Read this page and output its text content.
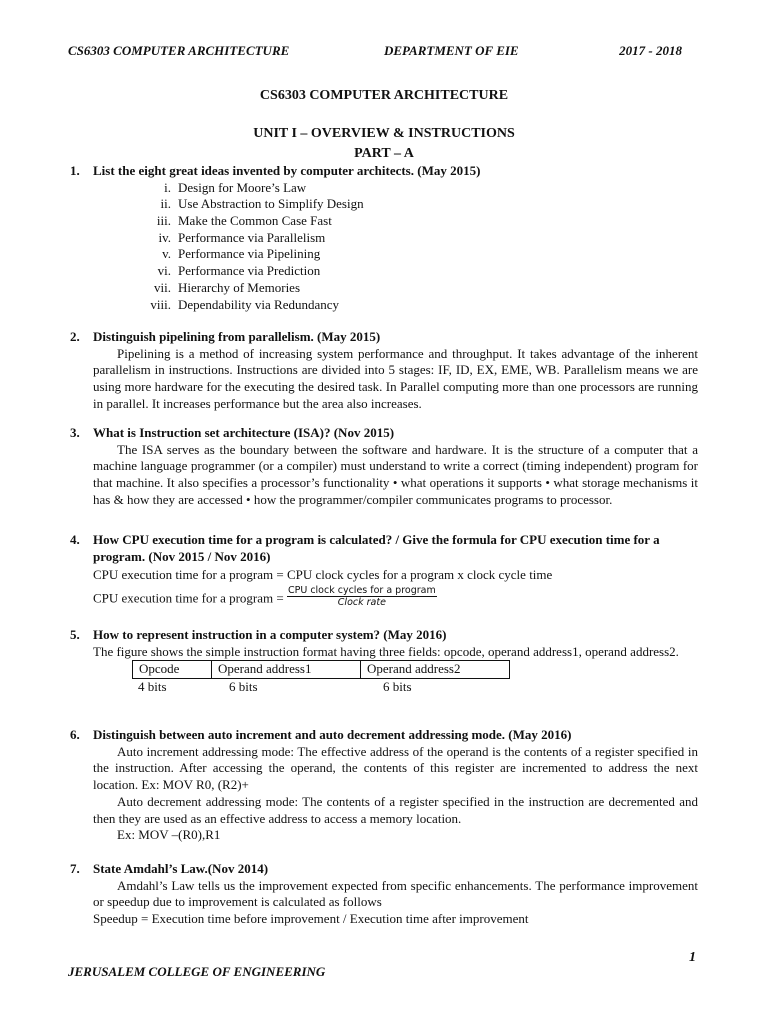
CS6303 COMPUTER ARCHITECTURE	DEPARTMENT OF EIE	2017 - 2018
CS6303 COMPUTER ARCHITECTURE
UNIT I – OVERVIEW & INSTRUCTIONS
PART – A
1.	List the eight great ideas invented by computer architects. (May 2015)
i. Design for Moore’s Law
ii. Use Abstraction to Simplify Design
iii. Make the Common Case Fast
iv. Performance via Parallelism
v. Performance via Pipelining
vi. Performance via Prediction
vii. Hierarchy of Memories
viii. Dependability via Redundancy
2.	Distinguish pipelining from parallelism. (May 2015)
Pipelining is a method of increasing system performance and throughput. It takes advantage of the inherent parallelism in instructions. Instructions are divided into 5 stages: IF, ID, EX, EME, WB. Parallelism means we are using more hardware for the executing the desired task. In Parallel computing more than one processors are running in parallel. It increases performance but the area also increases.
3.	What is Instruction set architecture (ISA)? (Nov 2015)
The ISA serves as the boundary between the software and hardware. It is the structure of a computer that a machine language programmer (or a compiler) must understand to write a correct (timing independent) program for that machine. It also specifies a processor’s functionality • what operations it supports • what storage mechanisms it has & how they are accessed • how the programmer/compiler communicates programs to processor.
4.	How CPU execution time for a program is calculated? / Give the formula for CPU execution time for a program. (Nov 2015 / Nov 2016)
CPU execution time for a program = CPU clock cycles for a program x clock cycle time
CPU execution time for a program = $\frac{\text{CPU clock cycles for a program}}{\text{Clock rate}}$
5.	How to represent instruction in a computer system? (May 2016)
The figure shows the simple instruction format having three fields: opcode, operand address1, operand address2.
Opcode	Operand address1	Operand address2
4 bits	6 bits	6 bits
6.	Distinguish between auto increment and auto decrement addressing mode. (May 2016)
Auto increment addressing mode: The effective address of the operand is the contents of a register specified in the instruction. After accessing the operand, the contents of this register are incremented to address the next location. Ex: MOV R0, (R2)+
Auto decrement addressing mode: The contents of a register specified in the instruction are decremented and then they are used as an effective address to access a memory location.
Ex: MOV –(R0),R1
7.	State Amdahl’s Law.(Nov 2014)
Amdahl’s Law tells us the improvement expected from specific enhancements. The performance improvement or speedup due to improvement is calculated as follows
Speedup = Execution time before improvement / Execution time after improvement
1
JERUSALEM COLLEGE OF ENGINEERING
